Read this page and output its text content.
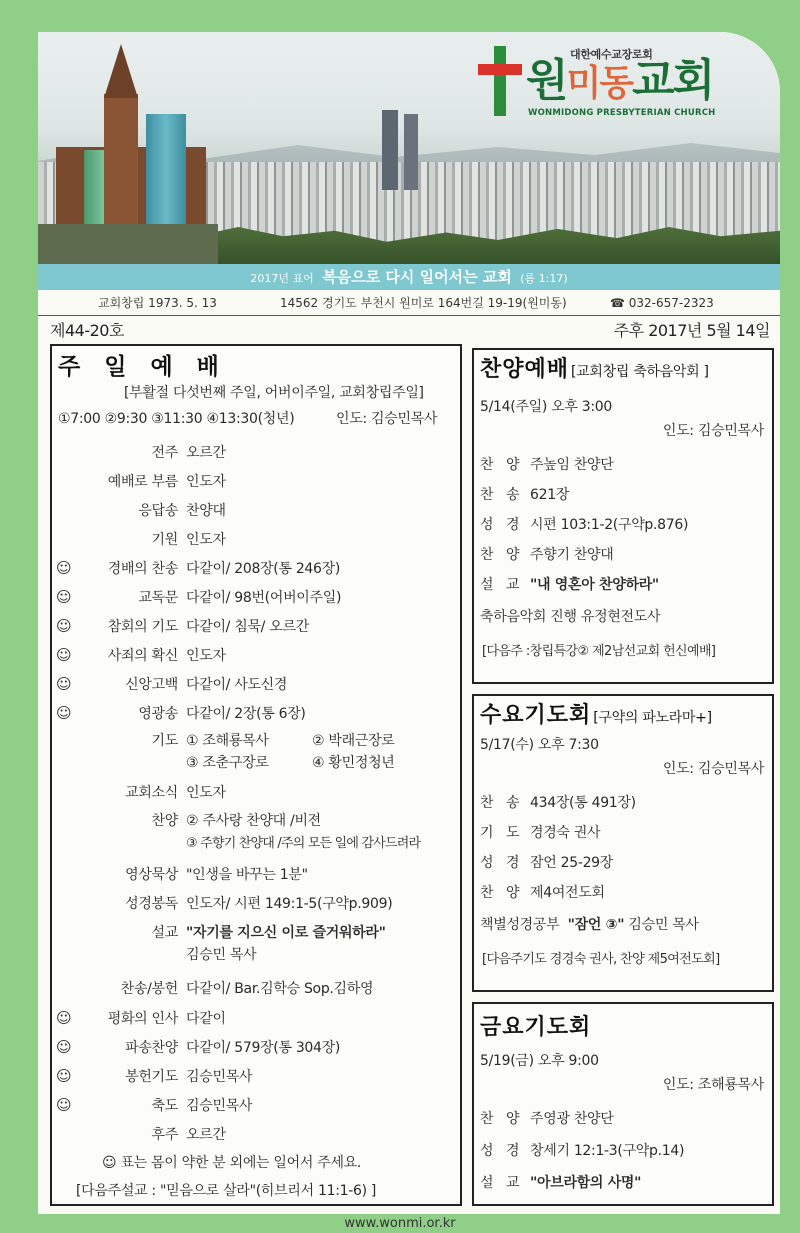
대한예수교장로회
원미동교회
WONMIDONG PRESBYTERIAN CHURCH
2017년 표어 복음으로 다시 일어서는 교회 (롬 1:17)
교회창립 1973. 5. 13	14562 경기도 부천시 원미로 164번길 19-19(원미동)	☎ 032-657-2323
제44-20호	주후 2017년 5월 14일
주 일 예 배
[부활절 다섯번째 주일, 어버이주일, 교회창립주일]
①7:00 ②9:30 ③11:30 ④13:30(청년)	인도: 김승민목사
전주 오르간
예배로 부름 인도자
응답송 찬양대
기원 인도자
☺	경배의 찬송 다같이/ 208장(통 246장)
☺	교독문 다같이/ 98번(어버이주일)
☺	참회의 기도 다같이/ 침묵/ 오르간
☺	사죄의 확신 인도자
☺	신앙고백 다같이/ 사도신경
☺	영광송 다같이/ 2장(통 6장)
기도 ① 조해룡목사	② 박래근장로
③ 조춘구장로	④ 황민정청년
교회소식 인도자
찬양 ② 주사랑 찬양대 /비젼
③ 주향기 찬양대 /주의 모든 일에 감사드려라
영상묵상 "인생을 바꾸는 1분"
성경봉독 인도자/ 시편 149:1-5(구약p.909)
설교 "자기를 지으신 이로 즐거워하라"
김승민 목사
찬송/봉헌 다같이/ Bar.김학승 Sop.김하영
☺	평화의 인사 다같이
☺	파송찬양 다같이/ 579장(통 304장)
☺	봉헌기도 김승민목사
☺	축도 김승민목사
후주 오르간
☺ 표는 몸이 약한 분 외에는 일어서 주세요.
[다음주설교 : "믿음으로 살라"(히브리서 11:1-6) ]
찬양예배 [교회창립 축하음악회 ]
5/14(주일) 오후 3:00
인도: 김승민목사
찬 양 주높임 찬양단
찬 송 621장
성 경 시편 103:1-2(구약p.876)
찬 양 주향기 찬양대
설 교 "내 영혼아 찬양하라"
축하음악회 진행 유정현전도사
[다음주 :창립특강② 제2남선교회 헌신예배]
수요기도회 [구약의 파노라마+]
5/17(수) 오후 7:30
인도: 김승민목사
찬 송 434장(통 491장)
기 도 경경숙 권사
성 경 잠언 25-29장
찬 양 제4여전도회
책별성경공부 "잠언 ③" 김승민 목사
[다음주기도 경경숙 권사, 찬양 제5여전도회]
금요기도회
5/19(금) 오후 9:00
인도: 조해룡목사
찬 양 주영광 찬양단
성 경 창세기 12:1-3(구약p.14)
설 교 "아브라함의 사명"
www.wonmi.or.kr
